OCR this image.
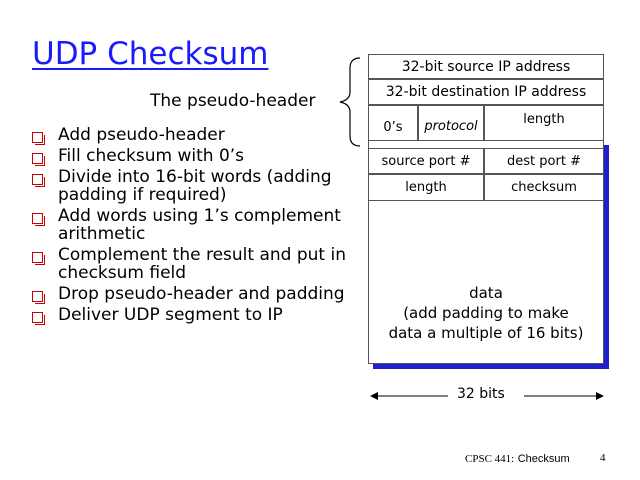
UDP Checksum
The pseudo-header
Add pseudo-header
Fill checksum with 0’s
Divide into 16-bit words (adding padding if required)
Add words using 1’s complement arithmetic
Complement the result and put in checksum field
Drop pseudo-header and padding
Deliver UDP segment to IP
32-bit source IP address
32-bit destination IP address
0’s	protocol	length
source port #	dest port #
length	checksum
data
(add padding to make
data a multiple of 16 bits)
32 bits
CPSC 441: Checksum	4
